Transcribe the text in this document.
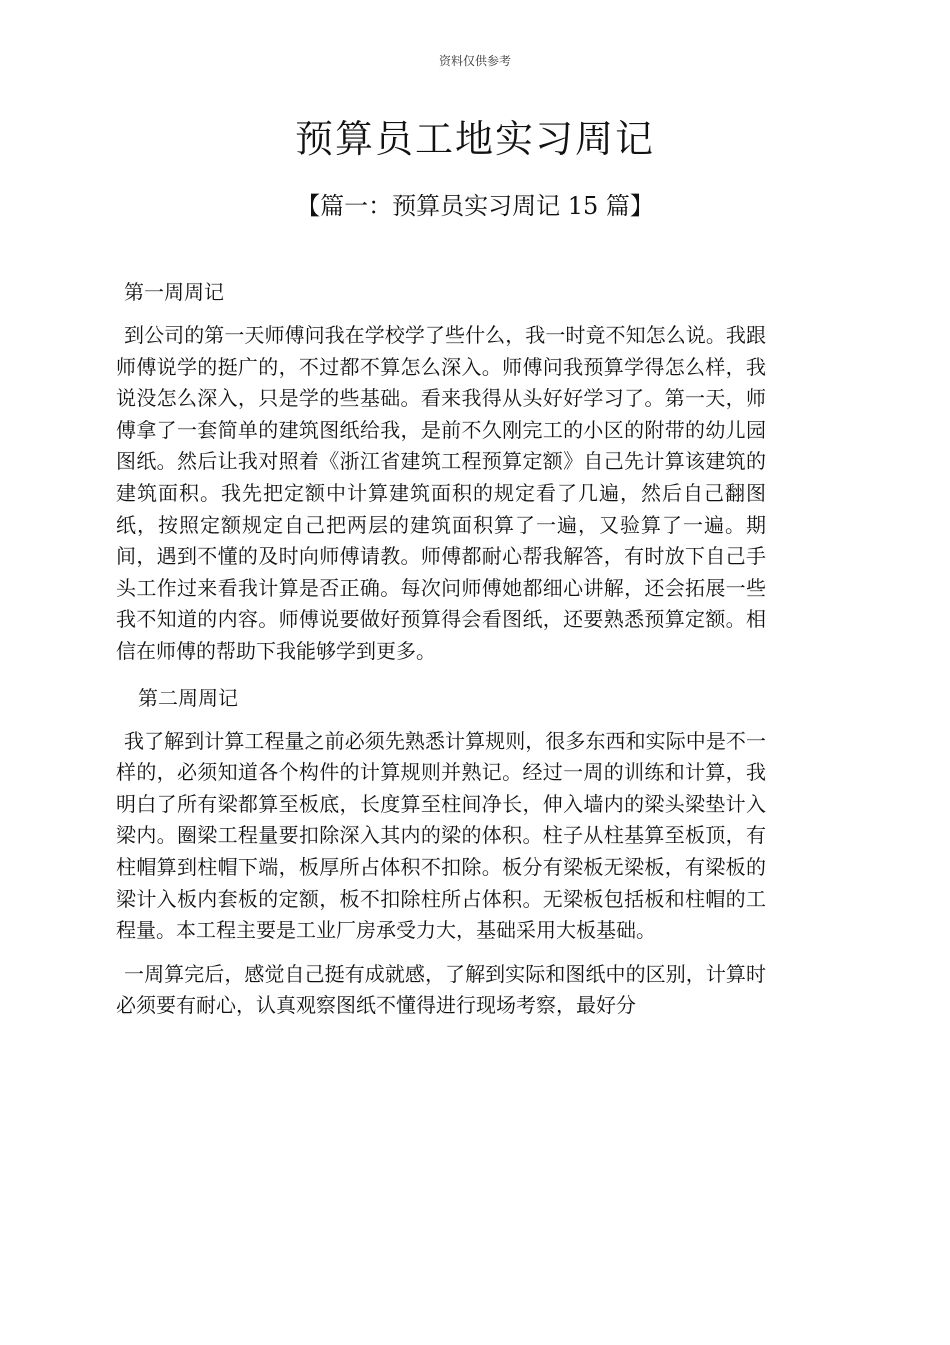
资料仅供参考
预算员工地实习周记
【篇一：预算员实习周记 15 篇】

第一周周记

到公司的第一天师傅问我在学校学了些什么，我一时竟不知怎么说。我跟师傅说学的挺广的，不过都不算怎么深入。师傅问我预算学得怎么样，我说没怎么深入，只是学的些基础。看来我得从头好好学习了。第一天，师傅拿了一套简单的建筑图纸给我，是前不久刚完工的小区的附带的幼儿园图纸。然后让我对照着《浙江省建筑工程预算定额》自己先计算该建筑的建筑面积。我先把定额中计算建筑面积的规定看了几遍，然后自己翻图纸，按照定额规定自己把两层的建筑面积算了一遍，又验算了一遍。期间，遇到不懂的及时向师傅请教。师傅都耐心帮我解答，有时放下自己手头工作过来看我计算是否正确。每次问师傅她都细心讲解，还会拓展一些我不知道的内容。师傅说要做好预算得会看图纸，还要熟悉预算定额。相信在师傅的帮助下我能够学到更多。

第二周周记

我了解到计算工程量之前必须先熟悉计算规则，很多东西和实际中是不一样的，必须知道各个构件的计算规则并熟记。经过一周的训练和计算，我明白了所有梁都算至板底，长度算至柱间净长，伸入墙内的梁头梁垫计入梁内。圈梁工程量要扣除深入其内的梁的体积。柱子从柱基算至板顶，有柱帽算到柱帽下端，板厚所占体积不扣除。板分有梁板无梁板，有梁板的梁计入板内套板的定额，板不扣除柱所占体积。无梁板包括板和柱帽的工程量。本工程主要是工业厂房承受力大，基础采用大板基础。

一周算完后，感觉自己挺有成就感，了解到实际和图纸中的区别，计算时必须要有耐心，认真观察图纸不懂得进行现场考察，最好分
